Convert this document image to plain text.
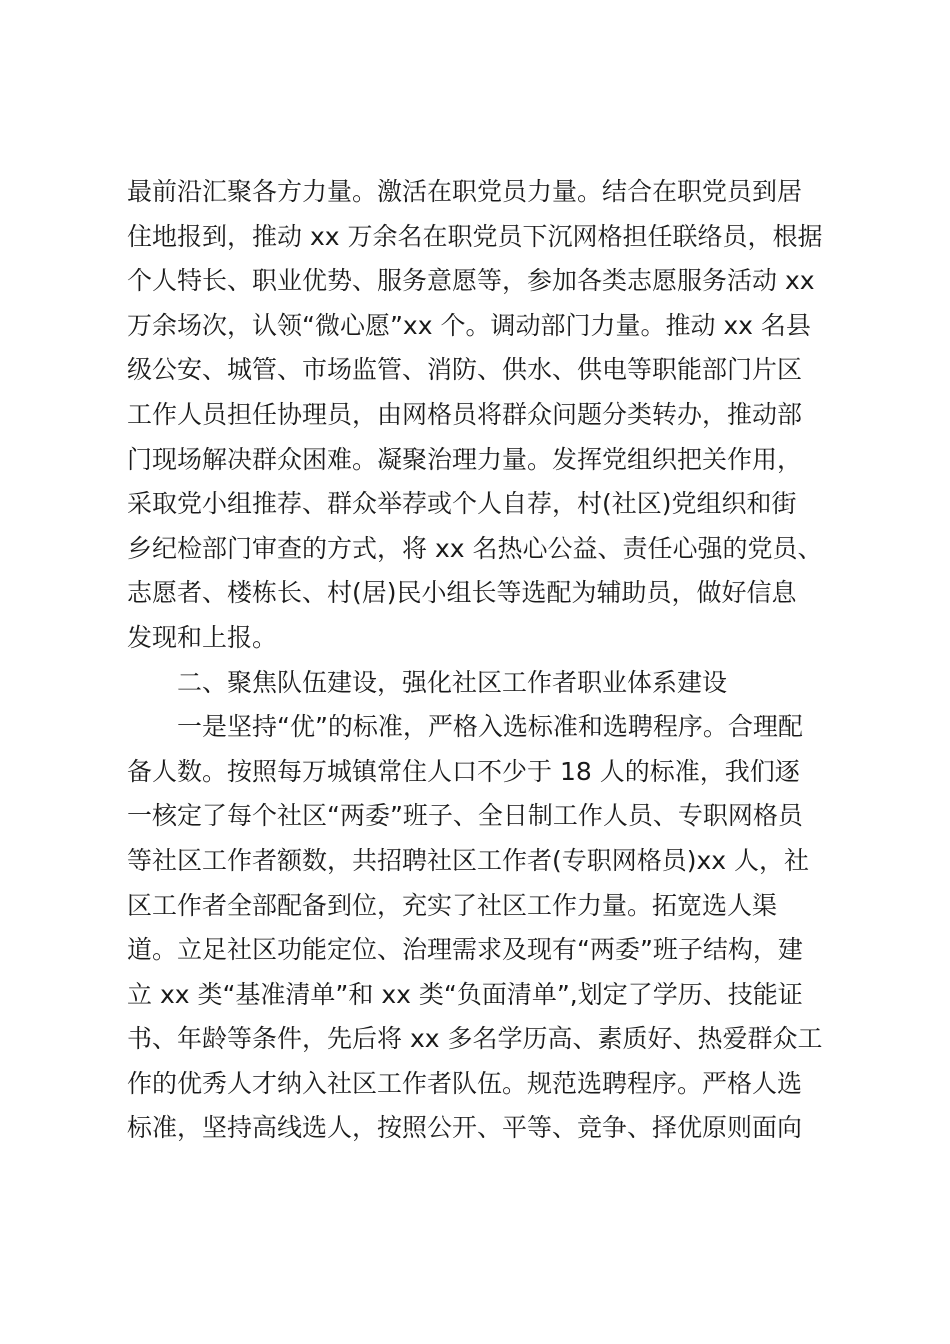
最前沿汇聚各方力量。激活在职党员力量。结合在职党员到居
住地报到，推动 xx 万余名在职党员下沉网格担任联络员，根据
个人特长、职业优势、服务意愿等，参加各类志愿服务活动 xx
万余场次，认领“微心愿”xx 个。调动部门力量。推动 xx 名县
级公安、城管、市场监管、消防、供水、供电等职能部门片区
工作人员担任协理员，由网格员将群众问题分类转办，推动部
门现场解决群众困难。凝聚治理力量。发挥党组织把关作用，
采取党小组推荐、群众举荐或个人自荐，村(社区)党组织和街
乡纪检部门审查的方式，将 xx 名热心公益、责任心强的党员、
志愿者、楼栋长、村(居)民小组长等选配为辅助员，做好信息
发现和上报。
二、聚焦队伍建设，强化社区工作者职业体系建设
一是坚持“优”的标准，严格入选标准和选聘程序。合理配
备人数。按照每万城镇常住人口不少于 18 人的标准，我们逐
一核定了每个社区“两委”班子、全日制工作人员、专职网格员
等社区工作者额数，共招聘社区工作者(专职网格员)xx 人，社
区工作者全部配备到位，充实了社区工作力量。拓宽选人渠
道。立足社区功能定位、治理需求及现有“两委”班子结构，建
立 xx 类“基准清单”和 xx 类“负面清单”,划定了学历、技能证
书、年龄等条件，先后将 xx 多名学历高、素质好、热爱群众工
作的优秀人才纳入社区工作者队伍。规范选聘程序。严格人选
标准，坚持高线选人，按照公开、平等、竞争、择优原则面向
